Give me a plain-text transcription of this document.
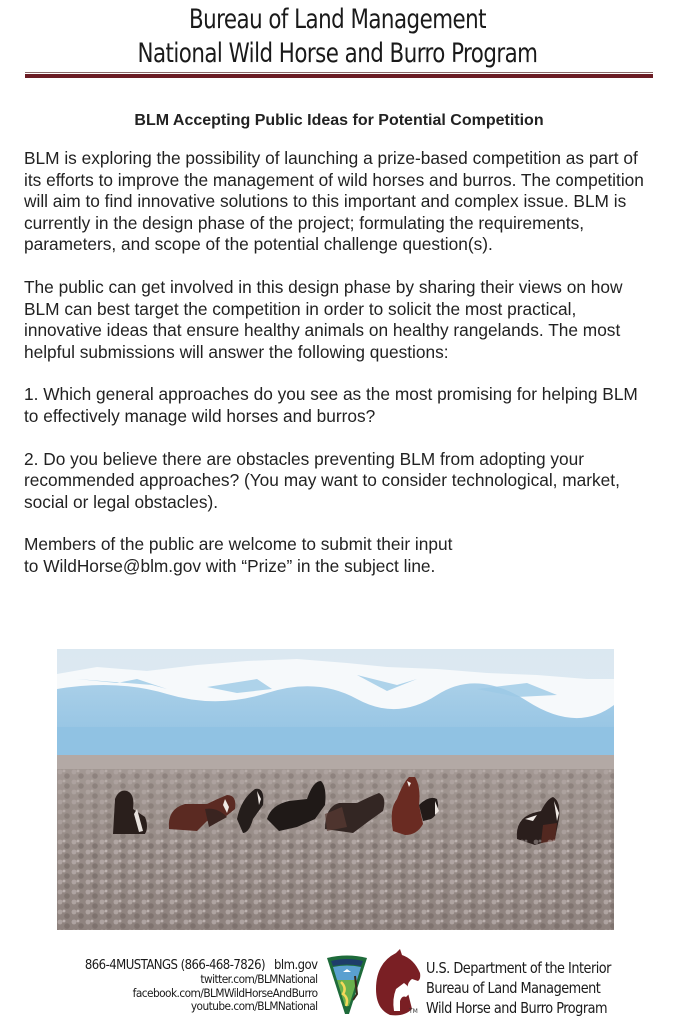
Bureau of Land Management
National Wild Horse and Burro Program
BLM Accepting Public Ideas for Potential Competition

BLM is exploring the possibility of launching a prize-based competition as part of its efforts to improve the management of wild horses and burros. The competition will aim to find innovative solutions to this important and complex issue. BLM is currently in the design phase of the project; formulating the requirements, parameters, and scope of the potential challenge question(s).

The public can get involved in this design phase by sharing their views on how BLM can best target the competition in order to solicit the most practical, innovative ideas that ensure healthy animals on healthy rangelands. The most helpful submissions will answer the following questions:

1. Which general approaches do you see as the most promising for helping BLM to effectively manage wild horses and burros?

2. Do you believe there are obstacles preventing BLM from adopting your recommended approaches? (You may want to consider technological, market, social or legal obstacles).

Members of the public are welcome to submit their input
to WildHorse@blm.gov with “Prize” in the subject line.
866-4MUSTANGS (866-468-7826) blm.gov
twitter.com/BLMNational
facebook.com/BLMWildHorseAndBurro
youtube.com/BLMNational	TM
U.S. Department of the Interior
Bureau of Land Management
Wild Horse and Burro Program
